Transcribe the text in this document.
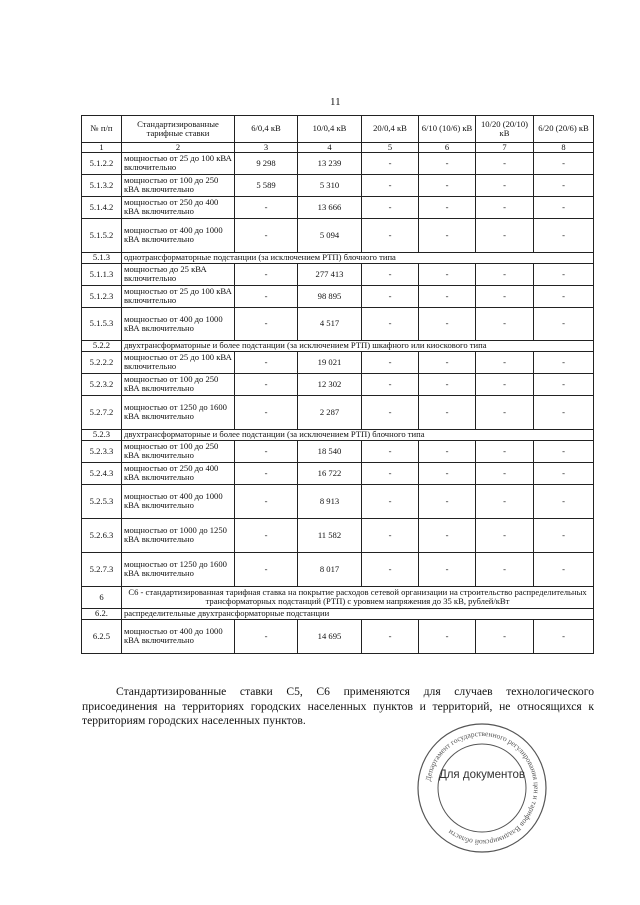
11
№ п/п	Стандартизированные тарифные ставки	6/0,4 кВ	10/0,4 кВ	20/0,4 кВ	6/10 (10/6) кВ	10/20 (20/10) кВ	6/20 (20/6) кВ
1	2	3	4	5	6	7	8
5.1.2.2	мощностью от 25 до 100 кВА включительно	9 298	13 239	-	-	-	-
5.1.3.2	мощностью от 100 до 250 кВА включительно	5 589	5 310	-	-	-	-
5.1.4.2	мощностью от 250 до 400 кВА включительно	-	13 666	-	-	-	-
5.1.5.2	мощностью от 400 до 1000 кВА включительно	-	5 094	-	-	-	-
5.1.3	однотрансформаторные подстанции (за исключением РТП) блочного типа						
5.1.1.3	мощностью до 25 кВА включительно	-	277 413	-	-	-	-
5.1.2.3	мощностью от 25 до 100 кВА включительно	-	98 895	-	-	-	-
5.1.5.3	мощностью от 400 до 1000 кВА включительно	-	4 517	-	-	-	-
5.2.2	двухтрансформаторные и более подстанции (за исключением РТП) шкафного или киоскового типа						
5.2.2.2	мощностью от 25 до 100 кВА включительно	-	19 021	-	-	-	-
5.2.3.2	мощностью от 100 до 250 кВА включительно	-	12 302	-	-	-	-
5.2.7.2	мощностью от 1250 до 1600 кВА включительно	-	2 287	-	-	-	-
5.2.3	двухтрансформаторные и более подстанции (за исключением РТП) блочного типа						
5.2.3.3	мощностью от 100 до 250 кВА включительно	-	18 540	-	-	-	-
5.2.4.3	мощностью от 250 до 400 кВА включительно	-	16 722	-	-	-	-
5.2.5.3	мощностью от 400 до 1000 кВА включительно	-	8 913	-	-	-	-
5.2.6.3	мощностью от 1000 до 1250 кВА включительно	-	11 582	-	-	-	-
5.2.7.3	мощностью от 1250 до 1600 кВА включительно	-	8 017	-	-	-	-
6	С6 - стандартизированная тарифная ставка на покрытие расходов сетевой организации на строительство распределительных трансформаторных подстанций (РТП) с уровнем напряжения до 35 кВ, рублей/кВт						
6.2.	распределительные двухтрансформаторные подстанции						
6.2.5	мощностью от 400 до 1000 кВА включительно	-	14 695	-	-	-	-
Стандартизированные ставки С5, С6 применяются для случаев технологического присоединения на территориях городских населенных пунктов и территорий, не относящихся к территориям городских населенных пунктов.
Департамент государственного регулирования цен и тарифов Владимирской области
Для документов
